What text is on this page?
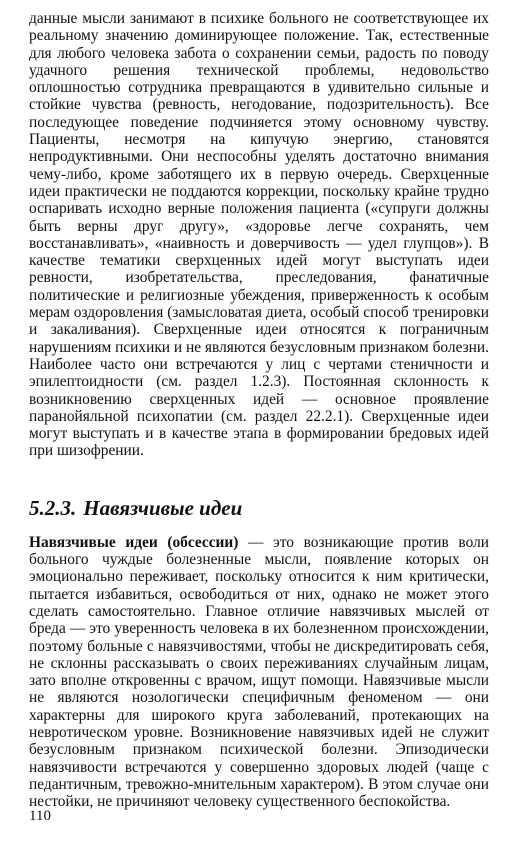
данные мысли занимают в психике больного не соответствующее их реальному значению доминирующее положение. Так, естественные для любого человека забота о сохранении семьи, радость по поводу удачного решения технической проблемы, недовольство оплошностью сотрудника превращаются в удивительно сильные и стойкие чувства (ревность, негодование, подозрительность). Все последующее поведение подчиняется этому основному чувству. Пациенты, несмотря на кипучую энергию, становятся непродуктивными. Они неспособны уделять достаточно внимания чему-либо, кроме заботящего их в первую очередь. Сверхценные идеи практически не поддаются коррекции, поскольку крайне трудно оспаривать исходно верные положения пациента («супруги должны быть верны друг другу», «здоровье легче сохранять, чем восстанавливать», «наивность и доверчивость — удел глупцов»). В качестве тематики сверхценных идей могут выступать идеи ревности, изобретательства, преследования, фанатичные политические и религиозные убеждения, приверженность к особым мерам оздоровления (замысловатая диета, особый способ тренировки и закаливания). Сверхценные идеи относятся к пограничным нарушениям психики и не являются безусловным признаком болезни. Наиболее часто они встречаются у лиц с чертами стеничности и эпилептоидности (см. раздел 1.2.3). Постоянная склонность к возникновению сверхценных идей — основное проявление паранойяльной психопатии (см. раздел 22.2.1). Сверхценные идеи могут выступать и в качестве этапа в формировании бредовых идей при шизофрении.

5.2.3. Навязчивые идеи

Навязчивые идеи (обсессии) — это возникающие против воли больного чуждые болезненные мысли, появление которых он эмоционально переживает, поскольку относится к ним критически, пытается избавиться, освободиться от них, однако не может этого сделать самостоятельно. Главное отличие навязчивых мыслей от бреда — это уверенность человека в их болезненном происхождении, поэтому больные с навязчивостями, чтобы не дискредитировать себя, не склонны рассказывать о своих переживаниях случайным лицам, зато вполне откровенны с врачом, ищут помощи. Навязчивые мысли не являются нозологически специфичным феноменом — они характерны для широкого круга заболеваний, протекающих на невротическом уровне. Возникновение навязчивых идей не служит безусловным признаком психической болезни. Эпизодически навязчивости встречаются у совершенно здоровых людей (чаще с педантичным, тревожно-мнительным характером). В этом случае они нестойки, не причиняют человеку существенного беспокойства.

110
